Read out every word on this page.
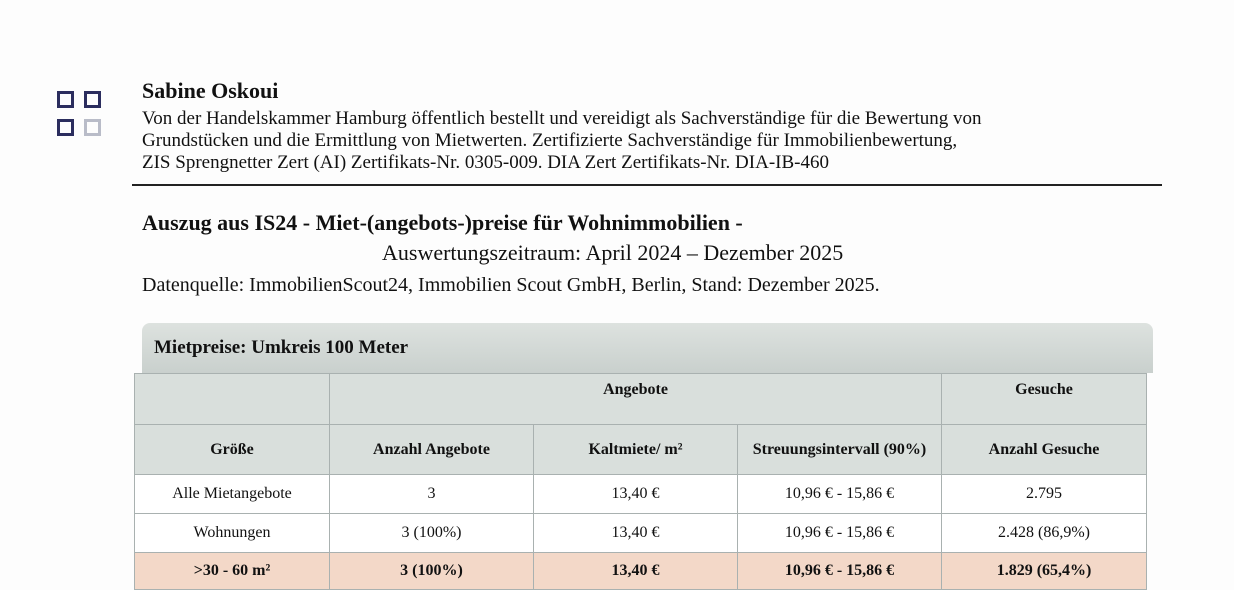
Sabine Oskoui
Von der Handelskammer Hamburg öffentlich bestellt und vereidigt als Sachverständige für die Bewertung von
Grundstücken und die Ermittlung von Mietwerten. Zertifizierte Sachverständige für Immobilienbewertung,
ZIS Sprengnetter Zert (AI) Zertifikats-Nr. 0305-009. DIA Zert Zertifikats-Nr. DIA-IB-460
Auszug aus IS24 - Miet-(angebots-)preise für Wohnimmobilien -
Auswertungszeitraum: April 2024 – Dezember 2025
Datenquelle: ImmobilienScout24, Immobilien Scout GmbH, Berlin, Stand: Dezember 2025.
Mietpreise: Umkreis 100 Meter
	Angebote			Gesuche
Größe	Anzahl Angebote	Kaltmiete/ m²	Streuungsintervall (90%)	Anzahl Gesuche
Alle Mietangebote	3	13,40 €	10,96 € - 15,86 €	2.795
Wohnungen	3 (100%)	13,40 €	10,96 € - 15,86 €	2.428 (86,9%)
>30 - 60 m²	3 (100%)	13,40 €	10,96 € - 15,86 €	1.829 (65,4%)
